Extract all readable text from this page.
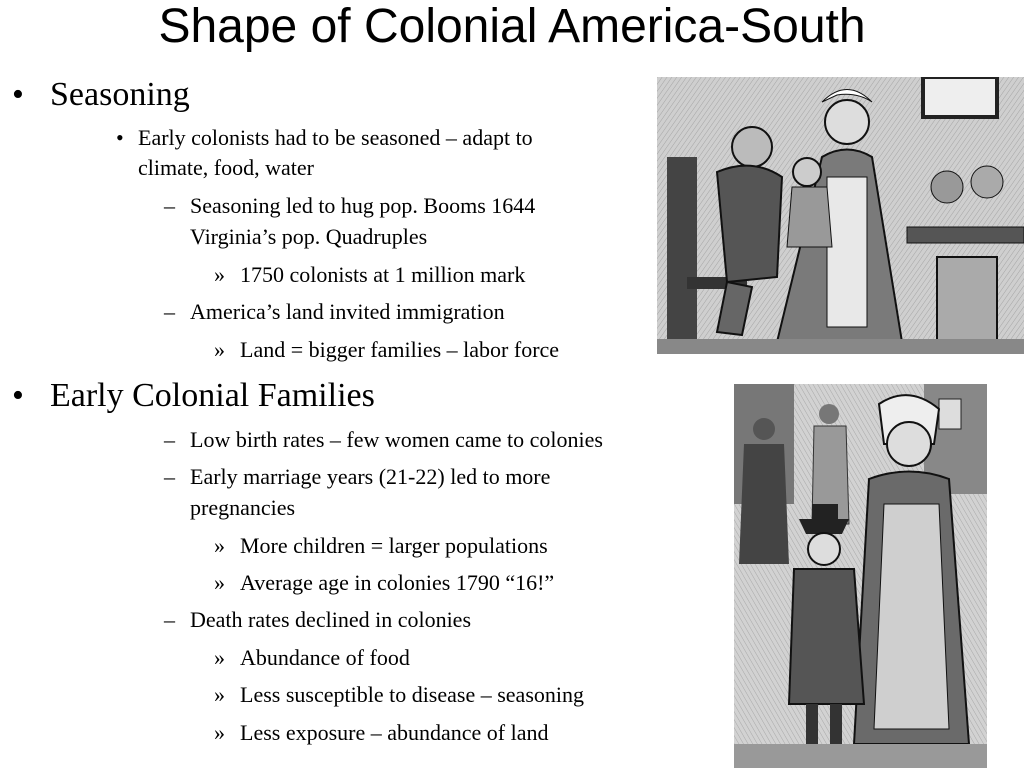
Shape of Colonial America-South
• Seasoning
• Early colonists had to be seasoned – adapt to
climate, food, water
– Seasoning led to hug pop. Booms 1644
Virginia’s pop. Quadruples
» 1750 colonists at 1 million mark
– America’s land invited immigration
» Land = bigger families – labor force
• Early Colonial Families
– Low birth rates – few women came to colonies
– Early marriage years (21-22) led to more
pregnancies
» More children = larger populations
» Average age in colonies 1790 “16!”
– Death rates declined in colonies
» Abundance of food
» Less susceptible to disease – seasoning
» Less exposure – abundance of land
